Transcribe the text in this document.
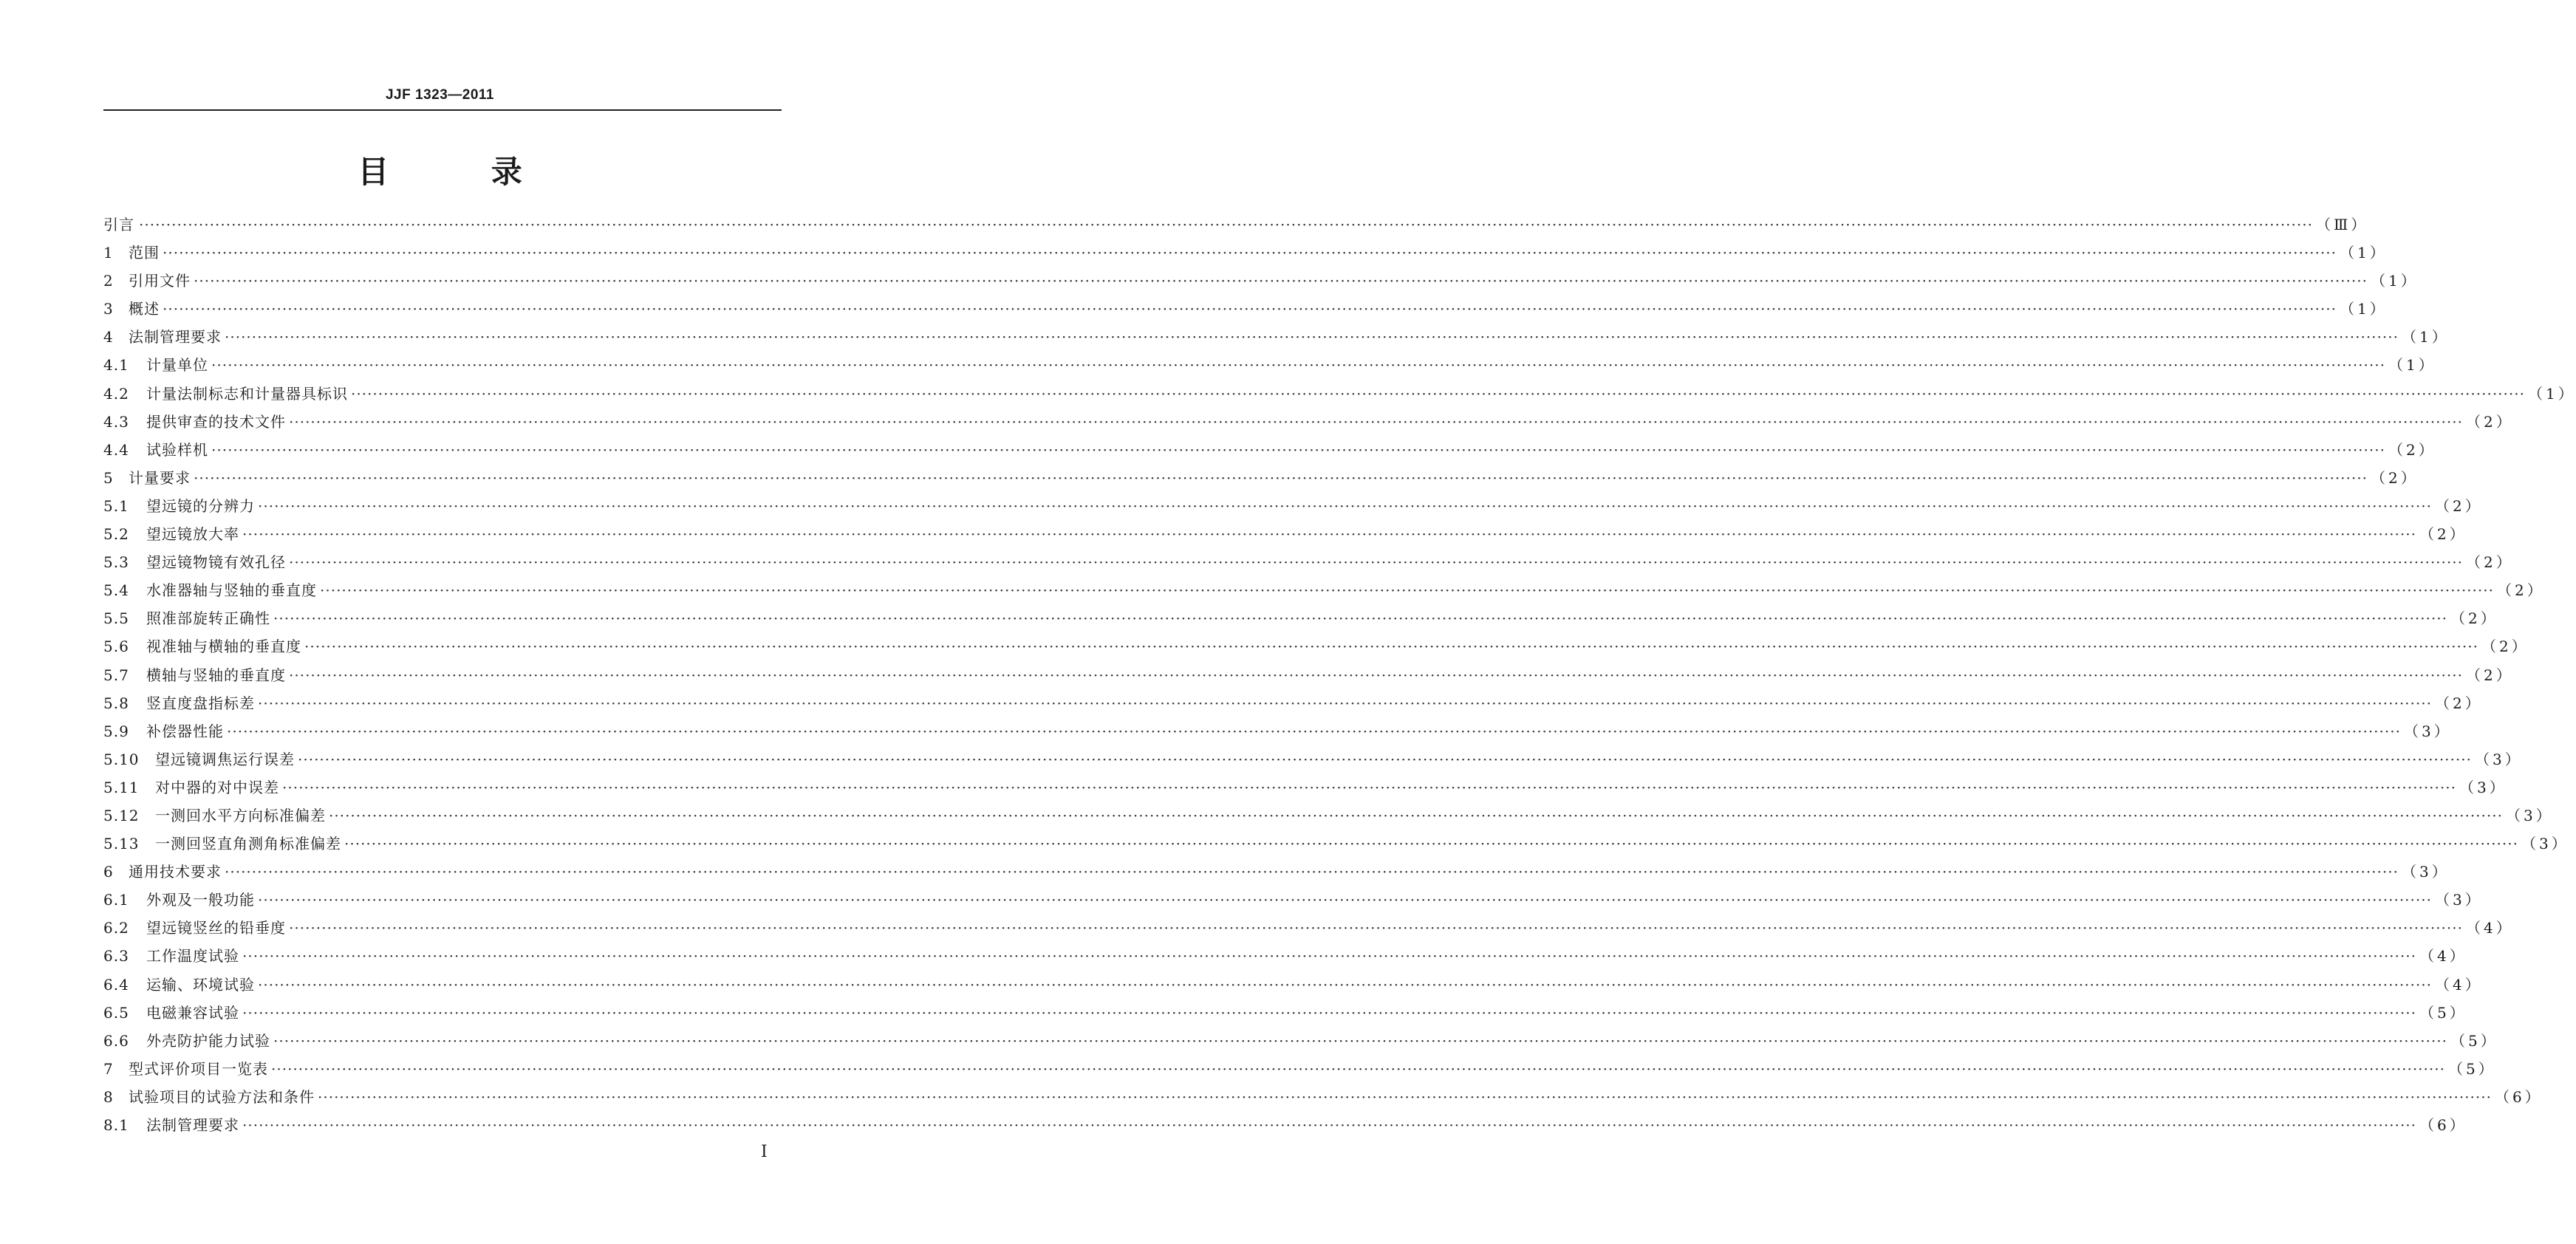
JJF 1323—2011
目 录
引言 ················································································································································································································································································································································································································ （Ⅲ）
1	范围 ················································································································································································································································································································································································································ （1）
2	引用文件 ················································································································································································································································································································································································································ （1）
3	概述 ················································································································································································································································································································································································································ （1）
4	法制管理要求 ················································································································································································································································································································································································································ （1）
4.1	计量单位 ················································································································································································································································································································································································································ （1）
4.2	计量法制标志和计量器具标识 ················································································································································································································································································································································································································ （1）
4.3	提供审查的技术文件 ················································································································································································································································································································································································································ （2）
4.4	试验样机 ················································································································································································································································································································································································································ （2）
5	计量要求 ················································································································································································································································································································································································································ （2）
5.1	望远镜的分辨力 ················································································································································································································································································································································································································ （2）
5.2	望远镜放大率 ················································································································································································································································································································································································································ （2）
5.3	望远镜物镜有效孔径 ················································································································································································································································································································································································································ （2）
5.4	水准器轴与竖轴的垂直度 ················································································································································································································································································································································································································ （2）
5.5	照准部旋转正确性 ················································································································································································································································································································································································································ （2）
5.6	视准轴与横轴的垂直度 ················································································································································································································································································································································································································ （2）
5.7	横轴与竖轴的垂直度 ················································································································································································································································································································································································································ （2）
5.8	竖直度盘指标差 ················································································································································································································································································································································································································ （2）
5.9	补偿器性能 ················································································································································································································································································································································································································ （3）
5.10	望远镜调焦运行误差 ················································································································································································································································································································································································································ （3）
5.11	对中器的对中误差 ················································································································································································································································································································································································································ （3）
5.12	一测回水平方向标准偏差 ················································································································································································································································································································································································································ （3）
5.13	一测回竖直角测角标准偏差 ················································································································································································································································································································································································································ （3）
6	通用技术要求 ················································································································································································································································································································································································································ （3）
6.1	外观及一般功能 ················································································································································································································································································································································································································ （3）
6.2	望远镜竖丝的铅垂度 ················································································································································································································································································································································································································ （4）
6.3	工作温度试验 ················································································································································································································································································································································································································ （4）
6.4	运输、环境试验 ················································································································································································································································································································································································································ （4）
6.5	电磁兼容试验 ················································································································································································································································································································································································································ （5）
6.6	外壳防护能力试验 ················································································································································································································································································································································································································ （5）
7	型式评价项目一览表 ················································································································································································································································································································································································································ （5）
8	试验项目的试验方法和条件 ················································································································································································································································································································································································································ （6）
8.1	法制管理要求 ················································································································································································································································································································································································································ （6）
I
